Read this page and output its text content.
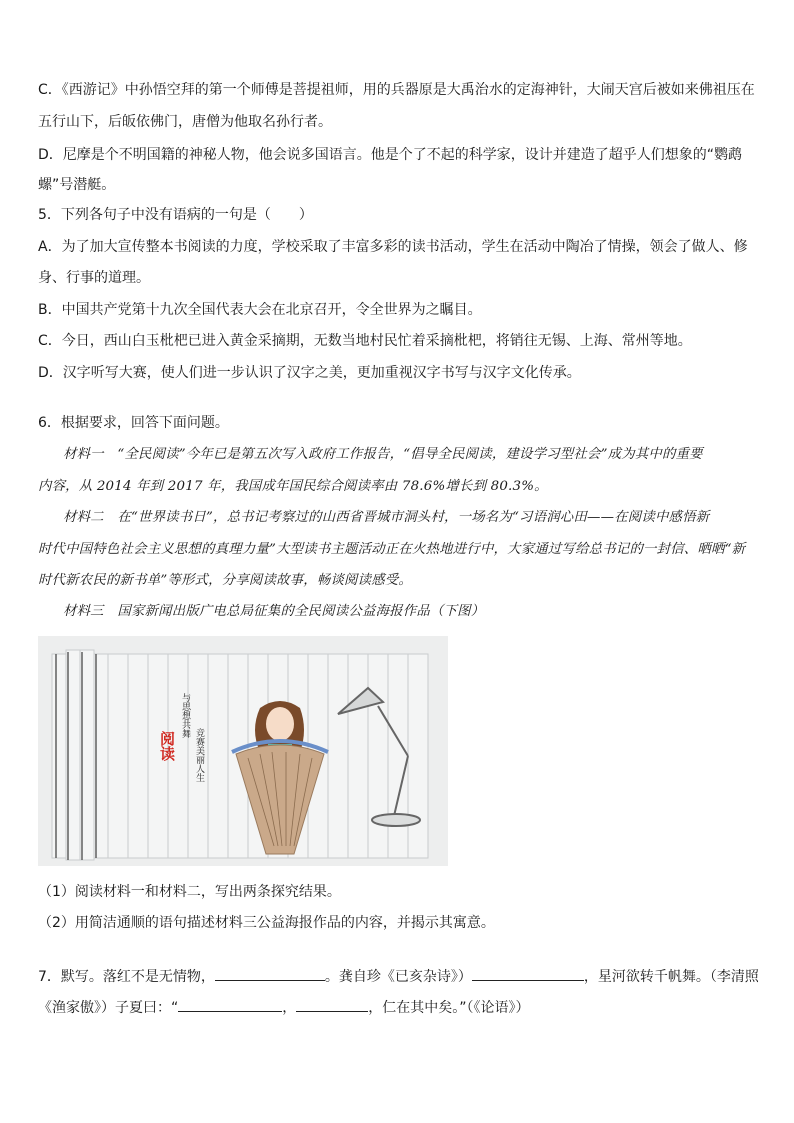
C．《西游记》中孙悟空拜的第一个师傅是菩提祖师，用的兵器原是大禹治水的定海神针，大闹天宫后被如来佛祖压在
五行山下，后皈依佛门，唐僧为他取名孙行者。
D．尼摩是个不明国籍的神秘人物，他会说多国语言。他是个了不起的科学家，设计并建造了超乎人们想象的“鹦鹉
螺”号潜艇。
5．下列各句子中没有语病的一句是（　　）
A．为了加大宣传整本书阅读的力度，学校采取了丰富多彩的读书活动，学生在活动中陶冶了情操，领会了做人、修
身、行事的道理。
B．中国共产党第十九次全国代表大会在北京召开，令全世界为之瞩目。
C．今日，西山白玉枇杷已进入黄金采摘期，无数当地村民忙着采摘枇杷，将销往无锡、上海、常州等地。
D．汉字听写大赛，使人们进一步认识了汉字之美，更加重视汉字书写与汉字文化传承。
6．根据要求，回答下面问题。
材料一　“全民阅读”今年已是第五次写入政府工作报告，“倡导全民阅读，建设学习型社会”成为其中的重要
内容，从 2014 年到 2017 年，我国成年国民综合阅读率由 78.6%增长到 80.3%。
材料二　在“世界读书日”，总书记考察过的山西省晋城市洞头村，一场名为“习语润心田——在阅读中感悟新
时代中国特色社会主义思想的真理力量”大型读书主题活动正在火热地进行中，大家通过写给总书记的一封信、晒晒“新
时代新农民的新书单”等形式，分享阅读故事，畅谈阅读感受。
材料三　国家新闻出版广电总局征集的全民阅读公益海报作品（下图）
阅读
与思想共舞
竞赛美丽人生
（1）阅读材料一和材料二，写出两条探究结果。
（2）用简洁通顺的语句描述材料三公益海报作品的内容，并揭示其寓意。
7．默写。落红不是无情物，	。龚自珍《已亥杂诗》）	，星河欲转千帆舞。（李清照
《渔家傲》）子夏曰：“	，	，仁在其中矣。”（《论语》）
